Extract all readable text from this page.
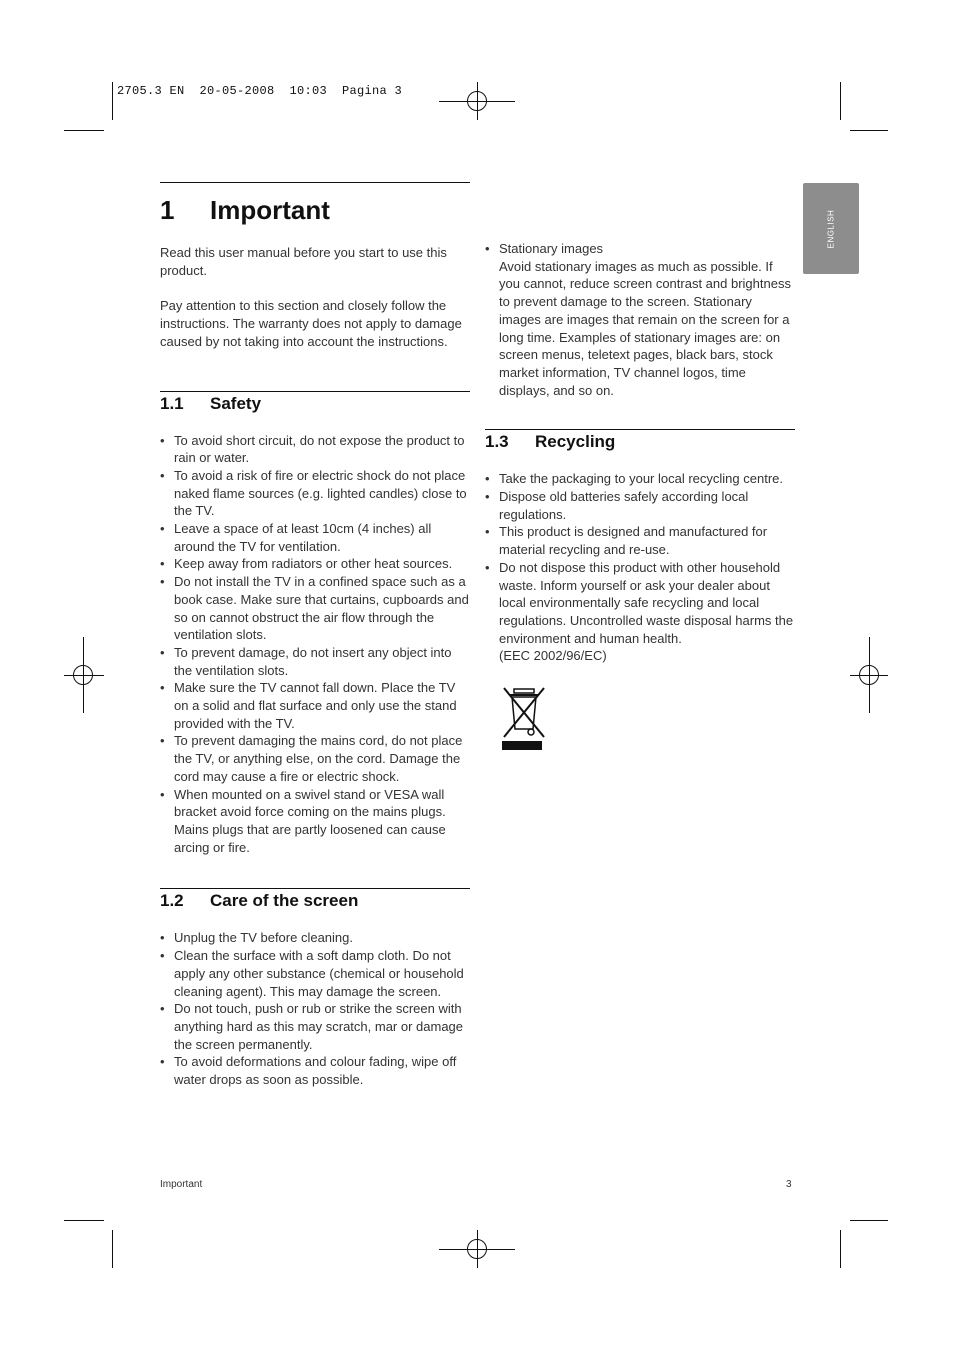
2705.3 EN  20-05-2008  10:03  Pagina 3
ENGLISH
1	Important

Read this user manual before you start to use this product.

Pay attention to this section and closely follow the instructions. The warranty does not apply to damage caused by not taking into account the instructions.

1.1	Safety
• To avoid short circuit, do not expose the product to rain or water.
• To avoid a risk of fire or electric shock do not place naked flame sources (e.g. lighted candles) close to the TV.
• Leave a space of at least 10cm (4 inches) all around the TV for ventilation.
• Keep away from radiators or other heat sources.
• Do not install the TV in a confined space such as a book case. Make sure that curtains, cupboards and so on cannot obstruct the air flow through the ventilation slots.
• To prevent damage, do not insert any object into the ventilation slots.
• Make sure the TV cannot fall down. Place the TV on a solid and flat surface and only use the stand provided with the TV.
• To prevent damaging the mains cord, do not place the TV, or anything else, on the cord. Damage the cord may cause a fire or electric shock.
• When mounted on a swivel stand or VESA wall bracket avoid force coming on the mains plugs. Mains plugs that are partly loosened can cause arcing or fire.
1.2	Care of the screen
• Unplug the TV before cleaning.
• Clean the surface with a soft damp cloth. Do not apply any other substance (chemical or household cleaning agent). This may damage the screen.
• Do not touch, push or rub or strike the screen with anything hard as this may scratch, mar or damage the screen permanently.
• To avoid deformations and colour fading, wipe off water drops as soon as possible.
• Stationary images
Avoid stationary images as much as possible. If you cannot, reduce screen contrast and brightness to prevent damage to the screen. Stationary images are images that remain on the screen for a long time. Examples of stationary images are: on screen menus, teletext pages, black bars, stock market information, TV channel logos, time displays, and so on.
1.3	Recycling
• Take the packaging to your local recycling centre.
• Dispose old batteries safely according local regulations.
• This product is designed and manufactured for material recycling and re-use.
• Do not dispose this product with other household waste. Inform yourself or ask your dealer about local environmentally safe recycling and local regulations. Uncontrolled waste disposal harms the environment and human health.
(EEC 2002/96/EC)
Important	3
